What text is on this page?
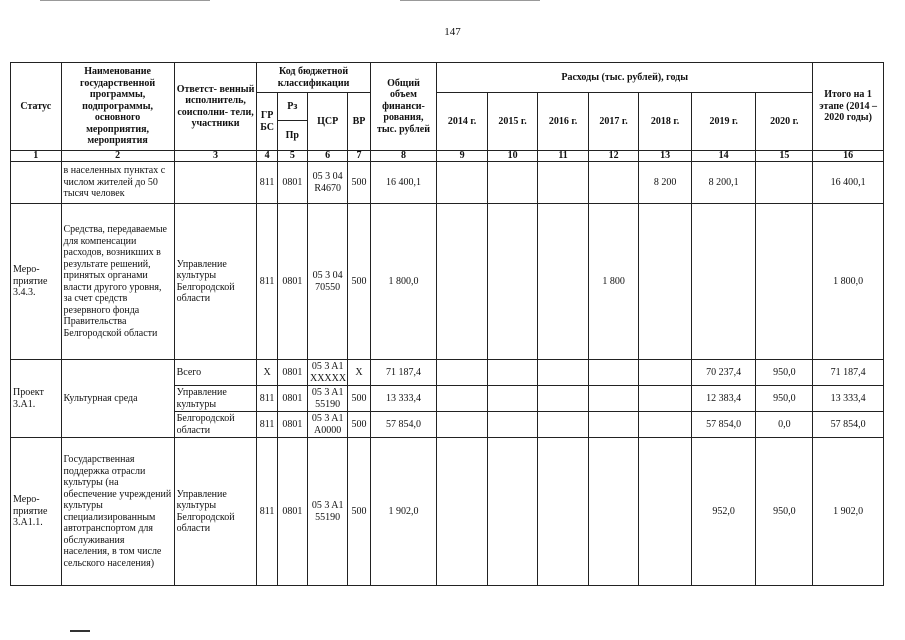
147
Статус	Наименование государственной программы, подпрограммы, основного мероприятия, мероприятия	Ответст- венный исполнитель, соисполни- тели, участники	Код бюджетной классификации				Общий объем финанси- рования, тыс. рублей	Расходы (тыс. рублей), годы							Итого на 1 этапе (2014 – 2020 годы)
			ГР БС	Рз	ЦСР	ВР		2014 г.	2015 г.	2016 г.	2017 г.	2018 г.	2019 г.	2020 г.	
				Пр											
1	2	3	4	5	6	7	8	9	10	11	12	13	14	15	16
	в населенных пунктах с числом жителей до 50 тысяч человек		811	0801	05 3 04 R4670	500	16 400,1					8 200	8 200,1		16 400,1
Меро- приятие 3.4.3.	Средства, передаваемые для компенсации расходов, возникших в результате решений, принятых органами власти другого уровня, за счет средств резервного фонда Правительства Белгородской области	Управление культуры Белгородской области	811	0801	05 3 04 70550	500	1 800,0				1 800				1 800,0
Проект 3.А1.	Культурная среда	Всего	Х	0801	05 3 A1 XXXXX	Х	71 187,4						70 237,4	950,0	71 187,4
		Управление культуры	811	0801	05 3 A1 55190	500	13 333,4						12 383,4	950,0	13 333,4
		Белгородской области	811	0801	05 3 A1 A0000	500	57 854,0						57 854,0	0,0	57 854,0
Меро- приятие 3.А1.1.	Государственная поддержка отрасли культуры (на обеспечение учреждений культуры специализированным автотранспортом для обслуживания населения, в том числе сельского населения)	Управление культуры Белгородской области	811	0801	05 3 A1 55190	500	1 902,0						952,0	950,0	1 902,0
